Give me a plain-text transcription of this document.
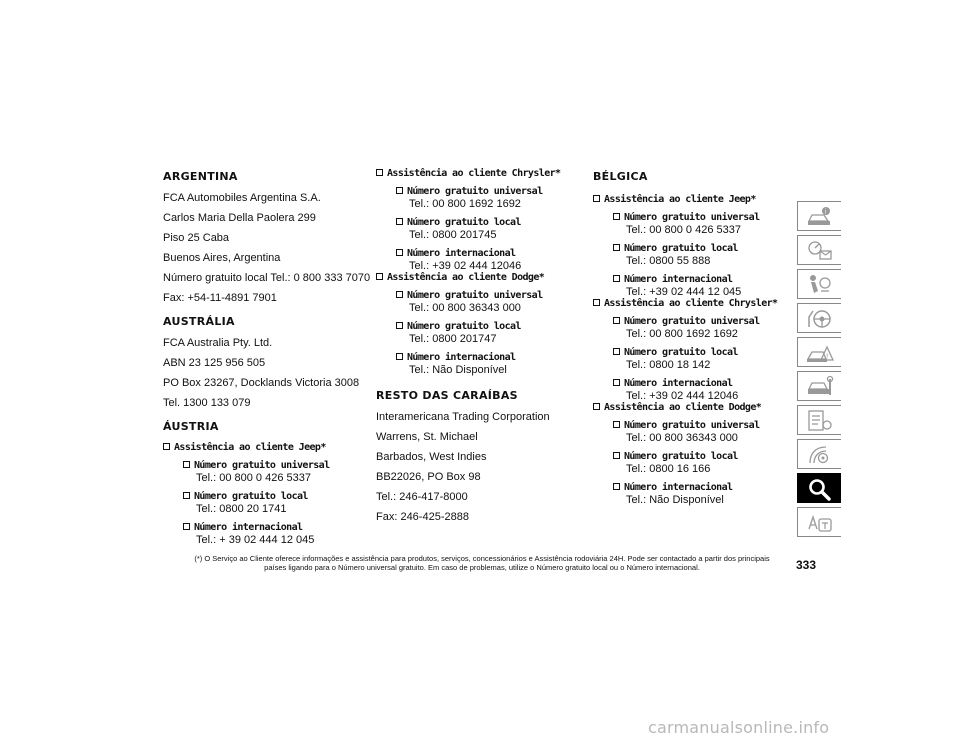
ARGENTINA
FCA Automobiles Argentina S.A.
Carlos Maria Della Paolera 299
Piso 25 Caba
Buenos Aires, Argentina
Número gratuito local Tel.: 0 800 333 7070
Fax: +54-11-4891 7901
AUSTRÁLIA
FCA Australia Pty. Ltd.
ABN 23 125 956 505
PO Box 23267, Docklands Victoria 3008
Tel. 1300 133 079
ÁUSTRIA
Assistência ao cliente Jeep*
Número gratuito universal
Tel.: 00 800 0 426 5337
Número gratuito local
Tel.: 0800 20 1741
Número internacional
Tel.: + 39 02 444 12 045
Assistência ao cliente Chrysler*
Número gratuito universal
Tel.: 00 800 1692 1692
Número gratuito local
Tel.: 0800 201745
Número internacional
Tel.: +39 02 444 12046
Assistência ao cliente Dodge*
Número gratuito universal
Tel.: 00 800 36343 000
Número gratuito local
Tel.: 0800 201747
Número internacional
Tel.: Não Disponível
RESTO DAS CARAÍBAS
Interamericana Trading Corporation
Warrens, St. Michael
Barbados, West Indies
BB22026, PO Box 98
Tel.: 246-417-8000
Fax: 246-425-2888
BÉLGICA
Assistência ao cliente Jeep*
Número gratuito universal
Tel.: 00 800 0 426 5337
Número gratuito local
Tel.: 0800 55 888
Número internacional
Tel.: +39 02 444 12 045
Assistência ao cliente Chrysler*
Número gratuito universal
Tel.: 00 800 1692 1692
Número gratuito local
Tel.: 0800 18 142
Número internacional
Tel.: +39 02 444 12046
Assistência ao cliente Dodge*
Número gratuito universal
Tel.: 00 800 36343 000
Número gratuito local
Tel.: 0800 16 166
Número internacional
Tel.: Não Disponível
i
!
(*) O Serviço ao Cliente oferece informações e assistência para produtos, serviços, concessionários e Assistência rodoviária 24H. Pode ser contactado a partir dos principais
países ligando para o Número universal gratuito. Em caso de problemas, utilize o Número gratuito local ou o Número internacional.	333
carmanualsonline.info
